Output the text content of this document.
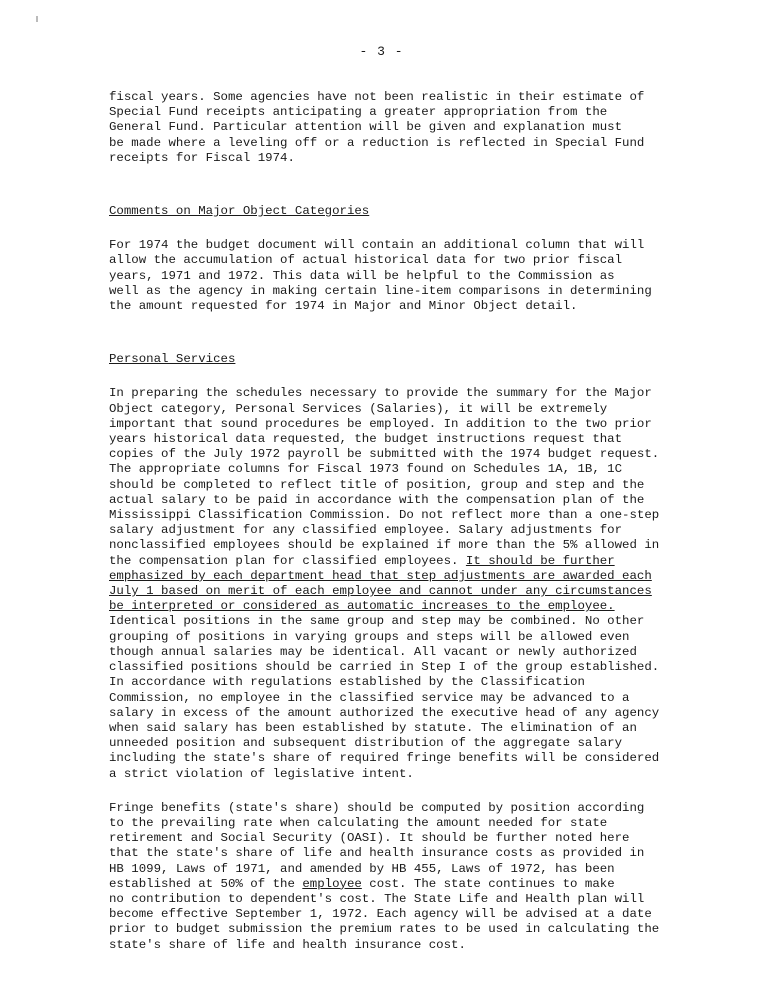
- 3 -

fiscal years. Some agencies have not been realistic in their estimate of
Special Fund receipts anticipating a greater appropriation from the
General Fund. Particular attention will be given and explanation must
be made where a leveling off or a reduction is reflected in Special Fund
receipts for Fiscal 1974.

Comments on Major Object Categories

For 1974 the budget document will contain an additional column that will
allow the accumulation of actual historical data for two prior fiscal
years, 1971 and 1972. This data will be helpful to the Commission as
well as the agency in making certain line-item comparisons in determining
the amount requested for 1974 in Major and Minor Object detail.

Personal Services

In preparing the schedules necessary to provide the summary for the Major
Object category, Personal Services (Salaries), it will be extremely
important that sound procedures be employed. In addition to the two prior
years historical data requested, the budget instructions request that
copies of the July 1972 payroll be submitted with the 1974 budget request.
The appropriate columns for Fiscal 1973 found on Schedules 1A, 1B, 1C
should be completed to reflect title of position, group and step and the
actual salary to be paid in accordance with the compensation plan of the
Mississippi Classification Commission. Do not reflect more than a one-step
salary adjustment for any classified employee. Salary adjustments for
nonclassified employees should be explained if more than the 5% allowed in
the compensation plan for classified employees. It should be further
emphasized by each department head that step adjustments are awarded each
July 1 based on merit of each employee and cannot under any circumstances
be interpreted or considered as automatic increases to the employee.
Identical positions in the same group and step may be combined. No other
grouping of positions in varying groups and steps will be allowed even
though annual salaries may be identical. All vacant or newly authorized
classified positions should be carried in Step I of the group established.
In accordance with regulations established by the Classification
Commission, no employee in the classified service may be advanced to a
salary in excess of the amount authorized the executive head of any agency
when said salary has been established by statute. The elimination of an
unneeded position and subsequent distribution of the aggregate salary
including the state's share of required fringe benefits will be considered
a strict violation of legislative intent.

Fringe benefits (state's share) should be computed by position according
to the prevailing rate when calculating the amount needed for state
retirement and Social Security (OASI). It should be further noted here
that the state's share of life and health insurance costs as provided in
HB 1099, Laws of 1971, and amended by HB 455, Laws of 1972, has been
established at 50% of the employee cost. The state continues to make
no contribution to dependent's cost. The State Life and Health plan will
become effective September 1, 1972. Each agency will be advised at a date
prior to budget submission the premium rates to be used in calculating the
state's share of life and health insurance cost.
